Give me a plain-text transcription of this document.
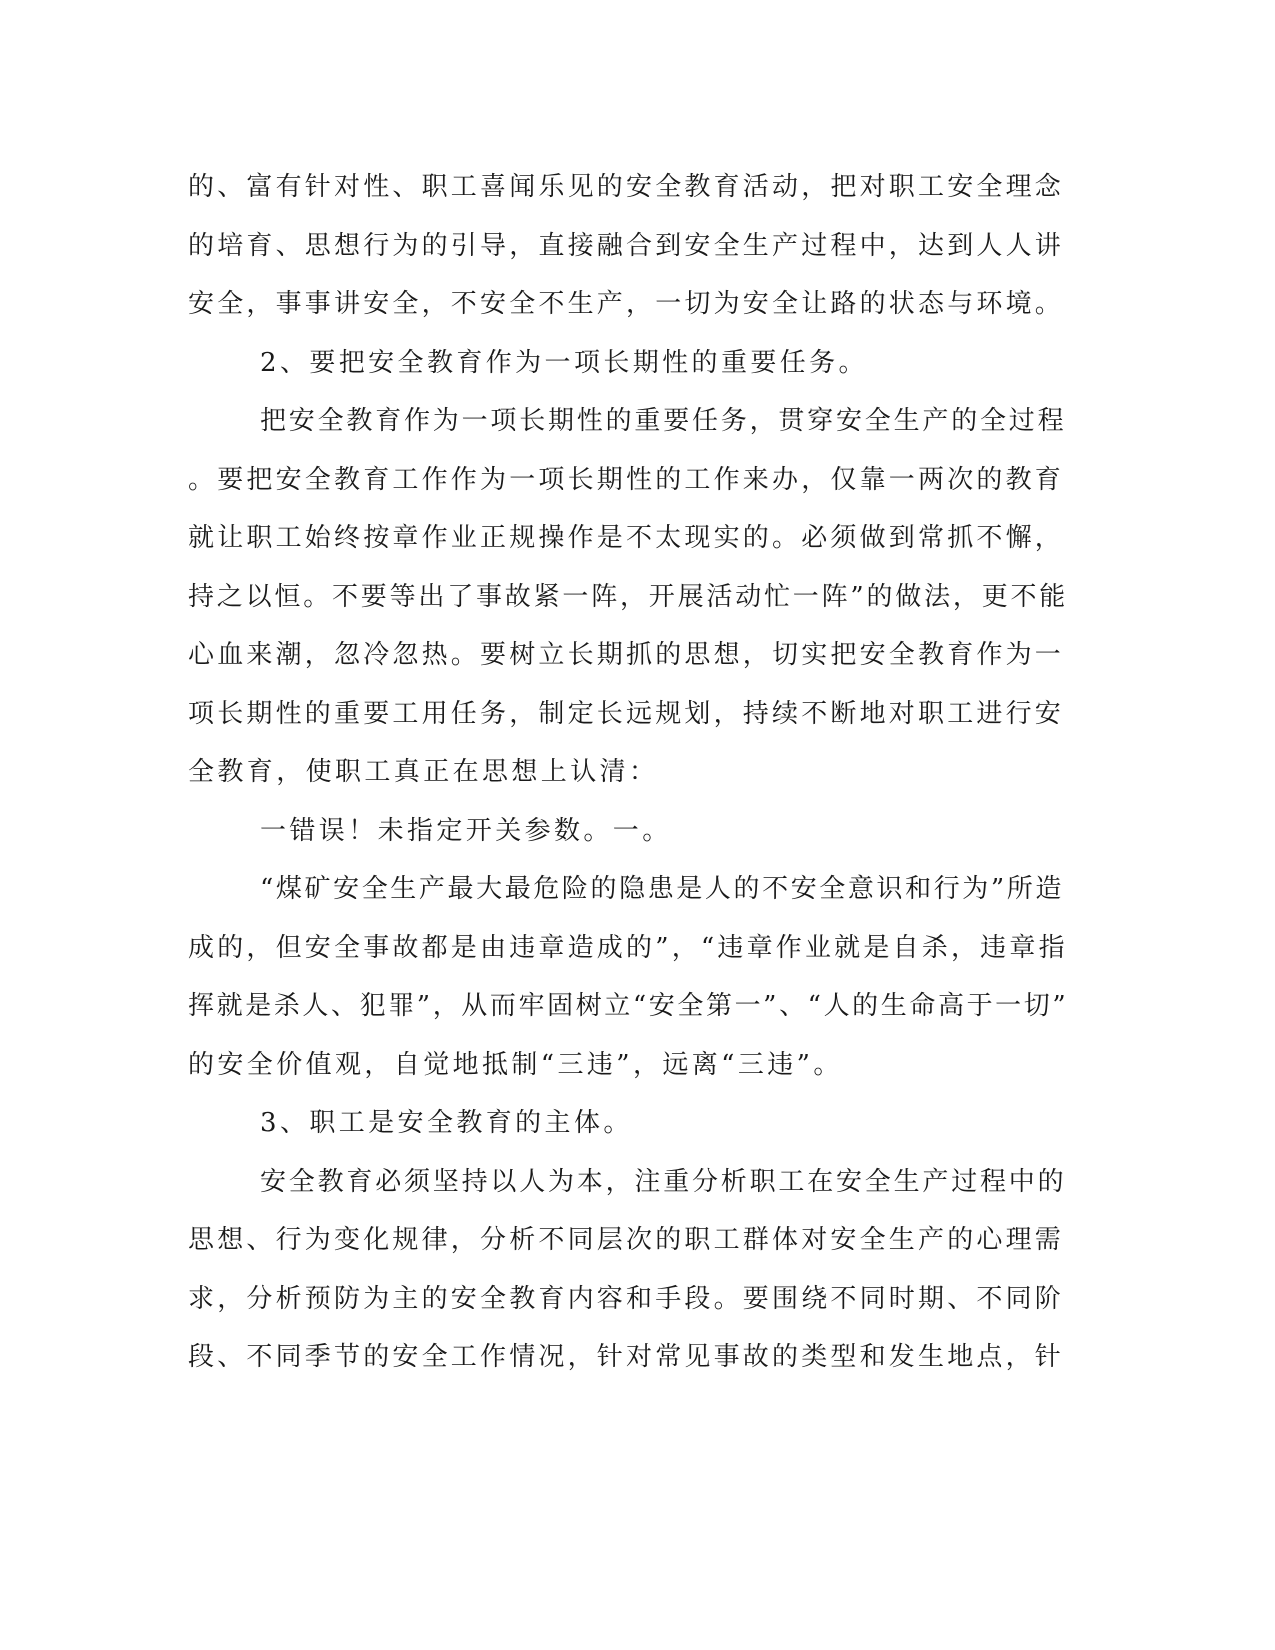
的、富有针对性、职工喜闻乐见的安全教育活动，把对职工安全理念
的培育、思想行为的引导，直接融合到安全生产过程中，达到人人讲
安全，事事讲安全，不安全不生产，一切为安全让路的状态与环境。
2、要把安全教育作为一项长期性的重要任务。
把安全教育作为一项长期性的重要任务，贯穿安全生产的全过程
。要把安全教育工作作为一项长期性的工作来办，仅靠一两次的教育
就让职工始终按章作业正规操作是不太现实的。必须做到常抓不懈，
持之以恒。不要等出了事故紧一阵，开展活动忙一阵”的做法，更不能
心血来潮，忽冷忽热。要树立长期抓的思想，切实把安全教育作为一
项长期性的重要工用任务，制定长远规划，持续不断地对职工进行安
全教育，使职工真正在思想上认清：
一错误！未指定开关参数。一。
“煤矿安全生产最大最危险的隐患是人的不安全意识和行为”所造
成的，但安全事故都是由违章造成的”，“违章作业就是自杀，违章指
挥就是杀人、犯罪”，从而牢固树立“安全第一”、“人的生命高于一切”
的安全价值观，自觉地抵制“三违”，远离“三违”。
3、职工是安全教育的主体。
安全教育必须坚持以人为本，注重分析职工在安全生产过程中的
思想、行为变化规律，分析不同层次的职工群体对安全生产的心理需
求，分析预防为主的安全教育内容和手段。要围绕不同时期、不同阶
段、不同季节的安全工作情况，针对常见事故的类型和发生地点，针
